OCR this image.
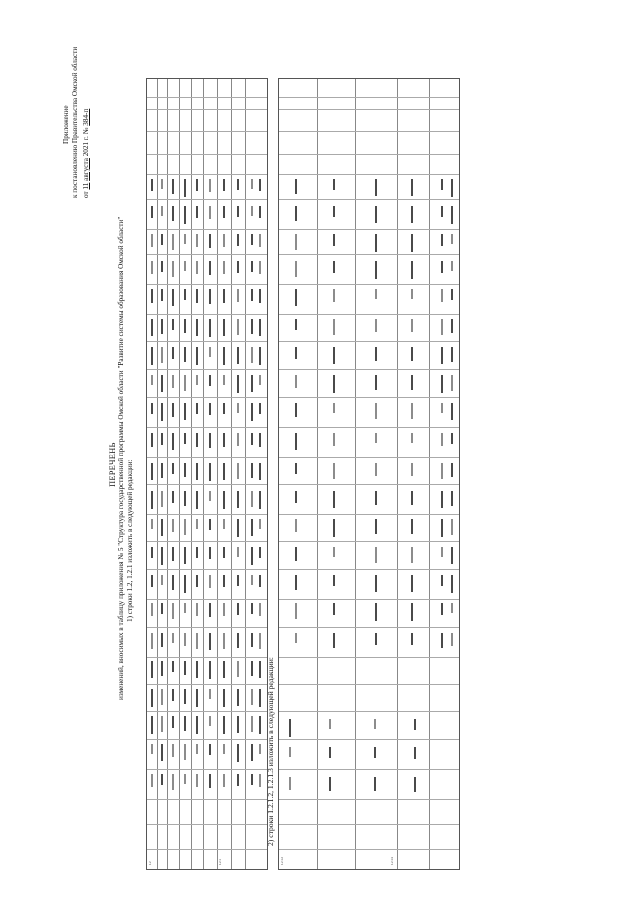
Приложение к постановлению Правительства Омской области от 11 августа 2021 г. № 384-п
ПЕРЕЧЕНЬ изменений, вносимых в таблицу приложения № 5 "Структура государственной программы Омской области "Развитие системы образования Омской области" 1) строки 1.2, 1.2.1 изложить в следующей редакции:
1.2	1.2.1
2) строки 1.2.1.2, 1.2.1.3 изложить в следующей редакции:
1.2.1.2	1.2.1.3
